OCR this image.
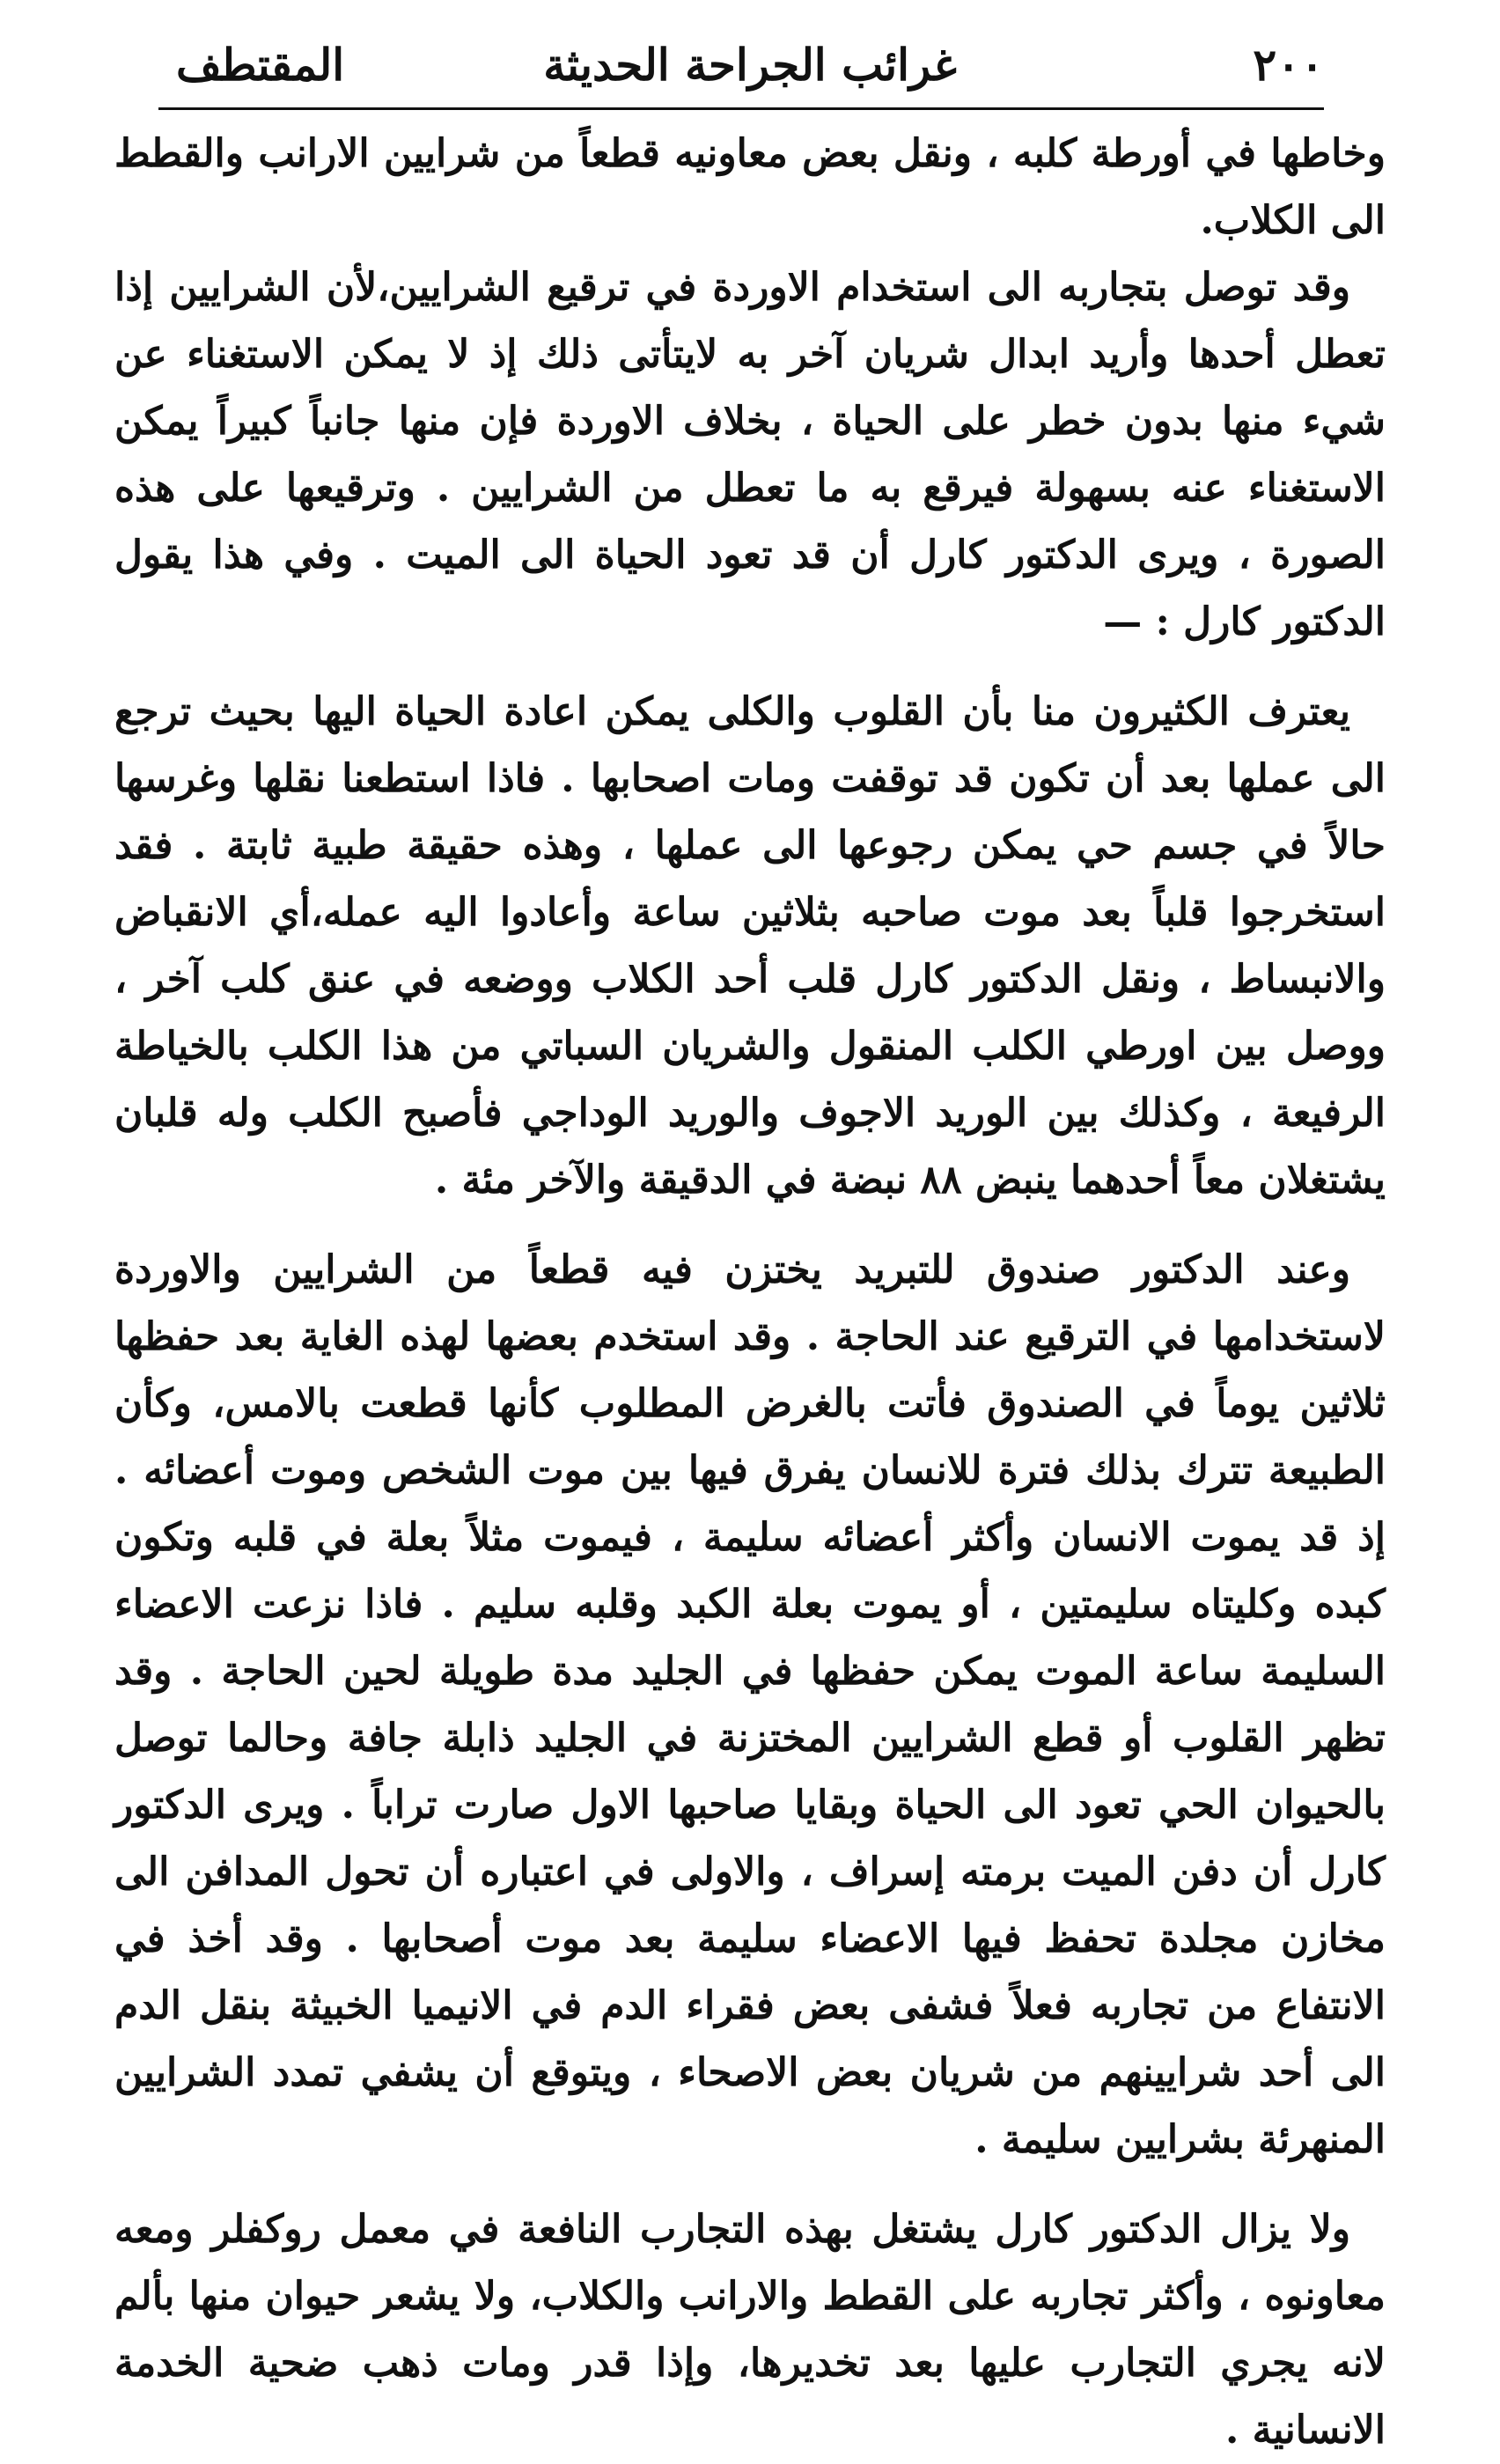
٢٠٠
غرائب الجراحة الحديثة
المقتطف

وخاطها في أورطة كلبه ، ونقل بعض معاونيه قطعاً من شرايين الارانب والقطط الى الكلاب.

وقد توصل بتجاربه الى استخدام الاوردة في ترقيع الشرايين،لأن الشرايين إذا تعطل أحدها وأريد ابدال شريان آخر به لايتأتى ذلك إذ لا يمكن الاستغناء عن شيء منها بدون خطر على الحياة ، بخلاف الاوردة فإن منها جانباً كبيراً يمكن الاستغناء عنه بسهولة فيرقع به ما تعطل من الشرايين . وترقيعها على هذه الصورة ، ويرى الدكتور كارل أن قد تعود الحياة الى الميت . وفي هذا يقول الدكتور كارل : —

يعترف الكثيرون منا بأن القلوب والكلى يمكن اعادة الحياة اليها بحيث ترجع الى عملها بعد أن تكون قد توقفت ومات اصحابها . فاذا استطعنا نقلها وغرسها حالاً في جسم حي يمكن رجوعها الى عملها ، وهذه حقيقة طبية ثابتة . فقد استخرجوا قلباً بعد موت صاحبه بثلاثين ساعة وأعادوا اليه عمله،أي الانقباض والانبساط ، ونقل الدكتور كارل قلب أحد الكلاب ووضعه في عنق كلب آخر ، ووصل بين اورطي الكلب المنقول والشريان السباتي من هذا الكلب بالخياطة الرفيعة ، وكذلك بين الوريد الاجوف والوريد الوداجي فأصبح الكلب وله قلبان يشتغلان معاً أحدهما ينبض ٨٨ نبضة في الدقيقة والآخر مئة .

وعند الدكتور صندوق للتبريد يختزن فيه قطعاً من الشرايين والاوردة لاستخدامها في الترقيع عند الحاجة . وقد استخدم بعضها لهذه الغاية بعد حفظها ثلاثين يوماً في الصندوق فأتت بالغرض المطلوب كأنها قطعت بالامس، وكأن الطبيعة تترك بذلك فترة للانسان يفرق فيها بين موت الشخص وموت أعضائه . إذ قد يموت الانسان وأكثر أعضائه سليمة ، فيموت مثلاً بعلة في قلبه وتكون كبده وكليتاه سليمتين ، أو يموت بعلة الكبد وقلبه سليم . فاذا نزعت الاعضاء السليمة ساعة الموت يمكن حفظها في الجليد مدة طويلة لحين الحاجة . وقد تظهر القلوب أو قطع الشرايين المختزنة في الجليد ذابلة جافة وحالما توصل بالحيوان الحي تعود الى الحياة وبقايا صاحبها الاول صارت تراباً . ويرى الدكتور كارل أن دفن الميت برمته إسراف ، والاولى في اعتباره أن تحول المدافن الى مخازن مجلدة تحفظ فيها الاعضاء سليمة بعد موت أصحابها . وقد أخذ في الانتفاع من تجاربه فعلاً فشفى بعض فقراء الدم في الانيميا الخبيثة بنقل الدم الى أحد شرايينهم من شريان بعض الاصحاء ، ويتوقع أن يشفي تمدد الشرايين المنهرئة بشرايين سليمة .

ولا يزال الدكتور كارل يشتغل بهذه التجارب النافعة في معمل روكفلر ومعه معاونوه ، وأكثر تجاربه على القطط والارانب والكلاب، ولا يشعر حيوان منها بألم لانه يجري التجارب عليها بعد تخديرها، وإذا قدر ومات ذهب ضحية الخدمة الانسانية .
